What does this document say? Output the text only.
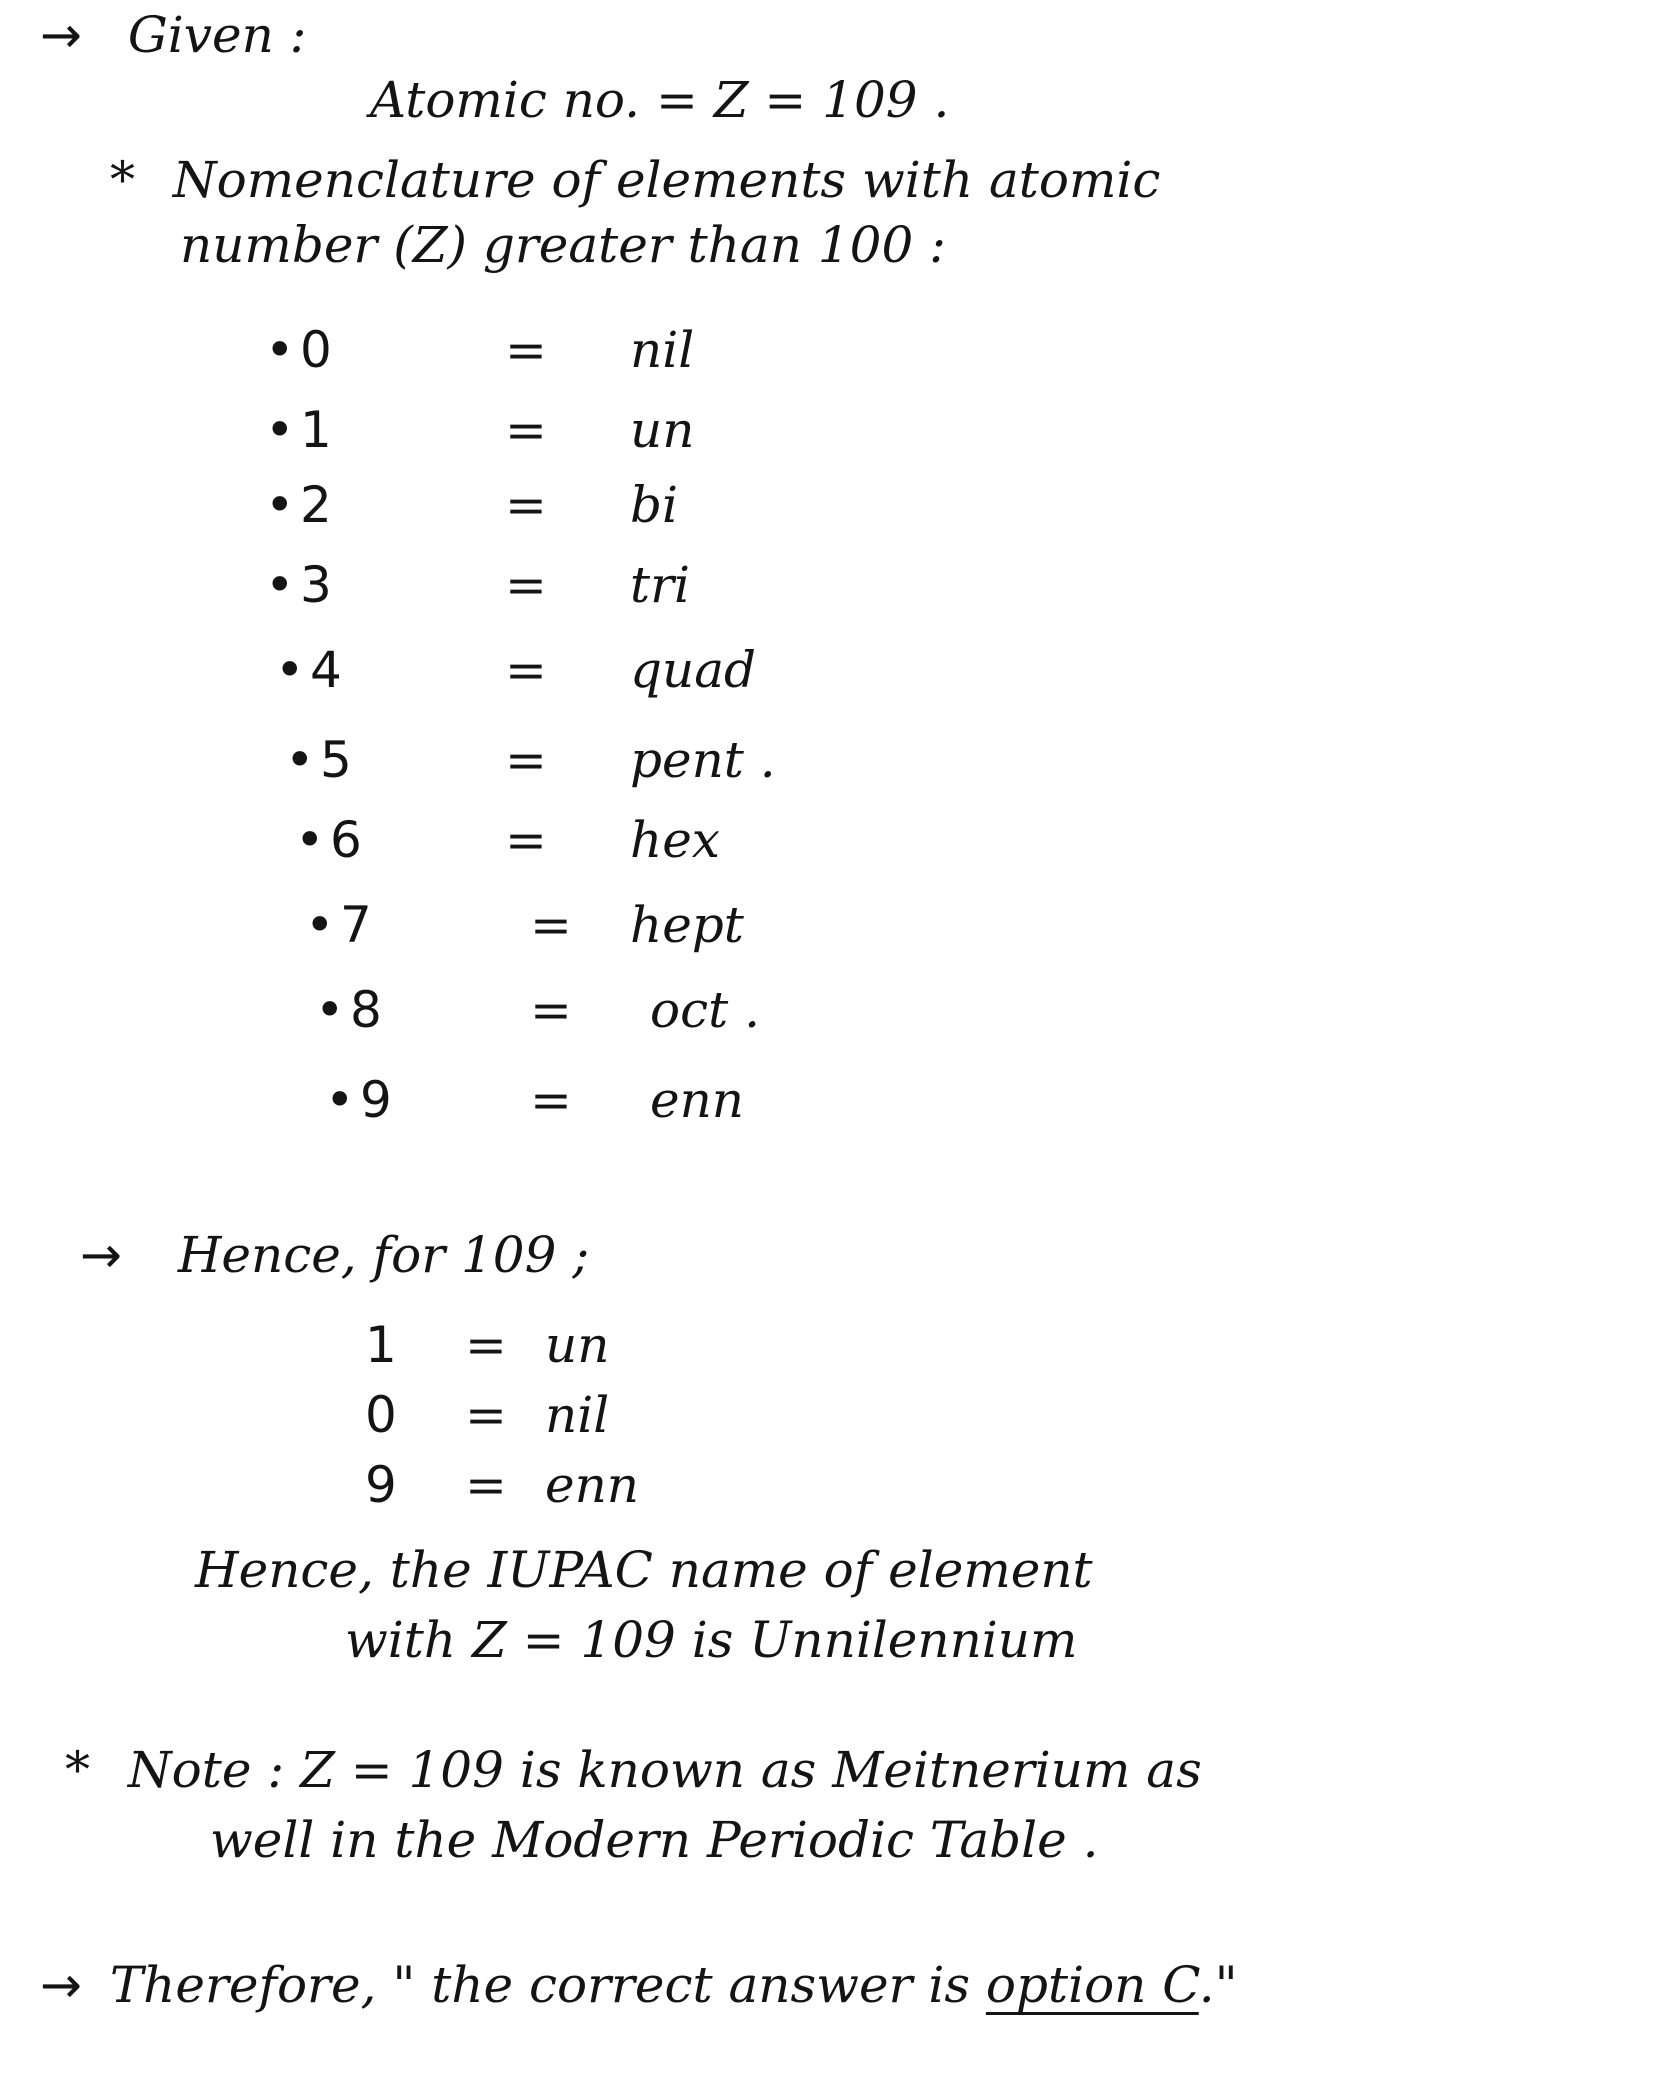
→ Given :
Atomic no. = Z = 109 .
* Nomenclature of elements with atomic
number (Z) greater than 100 :
• 0	= nil
• 1	= un
• 2	= bi
• 3	= tri
• 4	= quad
• 5	= pent .
• 6	= hex
• 7	= hept
• 8	= oct .
• 9	= enn
→ Hence, for 109 ;
1 = un
0 = nil
9 = enn
Hence, the IUPAC name of element
with Z = 109 is Unnilennium
* Note : Z = 109 is known as Meitnerium as
well in the Modern Periodic Table .
→ Therefore, " the correct answer is option C."
